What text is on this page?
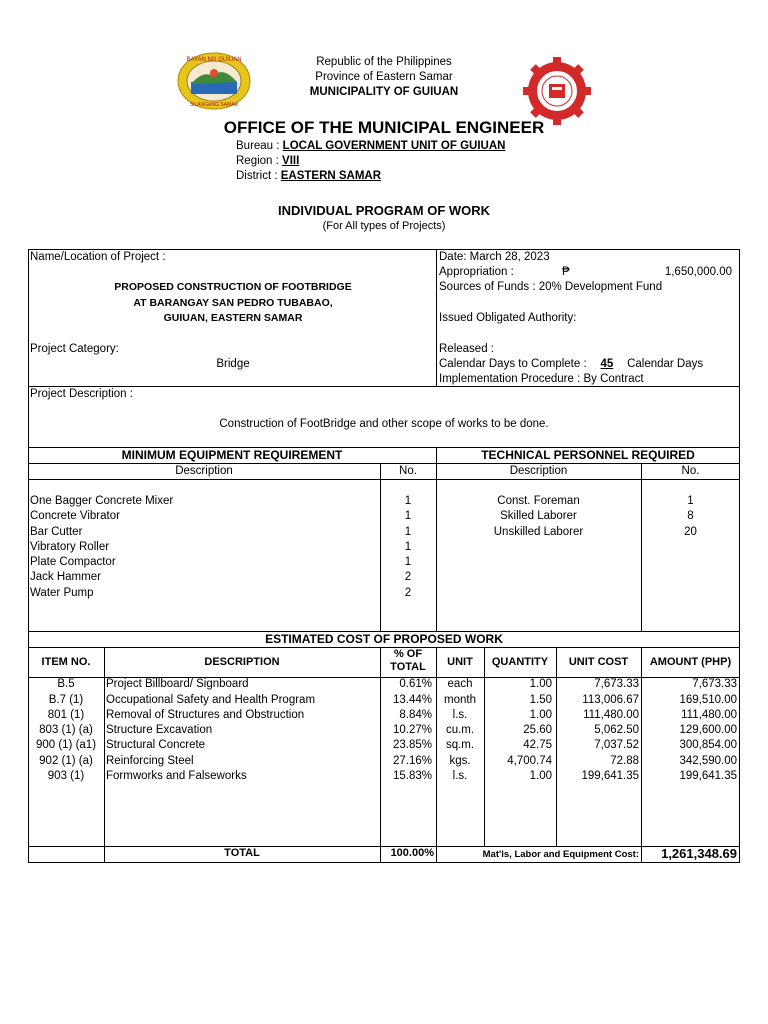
BAYAN NG GUIUAN
SILANGANG SAMAR
Republic of the Philippines
Province of Eastern Samar
MUNICIPALITY OF GUIUAN
OFFICE OF THE MUNICIPAL ENGINEER
Bureau : LOCAL GOVERNMENT UNIT OF GUIUAN
Region : VIII
District : EASTERN SAMAR
INDIVIDUAL PROGRAM OF WORK
(For All types of Projects)
Name/Location of Project :
PROPOSED CONSTRUCTION OF FOOTBRIDGE
AT BARANGAY SAN PEDRO TUBABAO,
GUIUAN, EASTERN SAMAR
Project Category:
Bridge
Date: March 28, 2023
Appropriation :	₱	1,650,000.00
Sources of Funds : 20% Development Fund
Issued Obligated Authority:
Released :
Calendar Days to Complete : 45 Calendar Days
Implementation Procedure : By Contract
Project Description :
Construction of FootBridge and other scope of works to be done.
MINIMUM EQUIPMENT REQUIREMENT	TECHNICAL PERSONNEL REQUIRED
Description	No.	Description	No.
One Bagger Concrete Mixer	1
Concrete Vibrator	1
Bar Cutter	1
Vibratory Roller	1
Plate Compactor	1
Jack Hammer	2
Water Pump	2
Const. Foreman	1
Skilled Laborer	8
Unskilled Laborer	20
ESTIMATED COST OF PROPOSED WORK
ITEM NO.	DESCRIPTION
% OF
TOTAL	UNIT	QUANTITY	UNIT COST	AMOUNT (PHP)
B.5	Project Billboard/ Signboard	0.61%	each	1.00	7,673.33	7,673.33
B.7 (1)	Occupational Safety and Health Program	13.44%	month	1.50	113,006.67	169,510.00
801 (1)	Removal of Structures and Obstruction	8.84%	l.s.	1.00	111,480.00	111,480.00
803 (1) (a)	Structure Excavation	10.27%	cu.m.	25.60	5,062.50	129,600.00
900 (1) (a1) Structural Concrete	23.85%	sq.m.	42.75	7,037.52	300,854.00
902 (1) (a)	Reinforcing Steel	27.16%	kgs.	4,700.74	72.88	342,590.00
903 (1)	Formworks and Falseworks	15.83%	l.s.	1.00	199,641.35	199,641.35
TOTAL	100.00%	Mat'ls, Labor and Equipment Cost:	1,261,348.69
